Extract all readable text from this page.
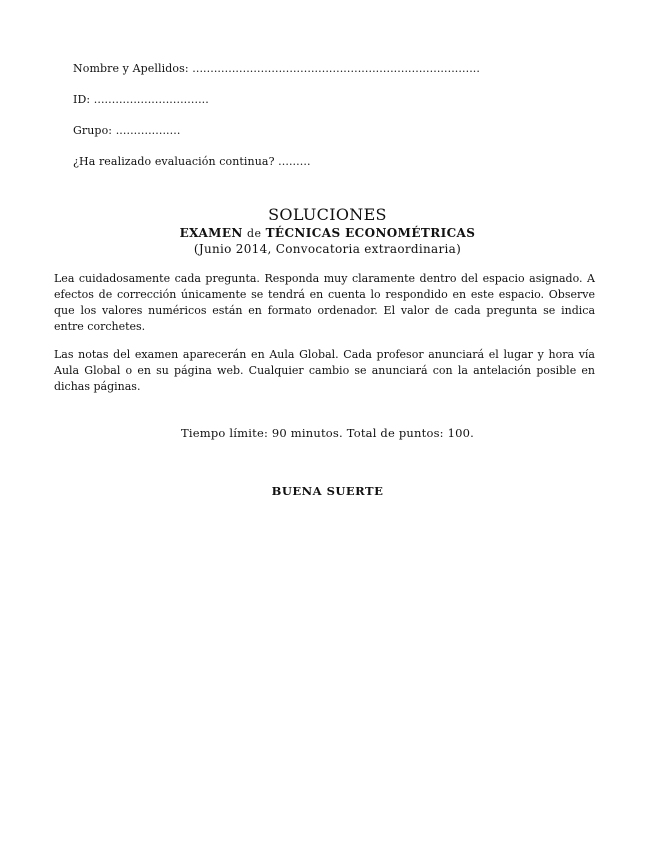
Nombre y Apellidos: ................................................................................
ID: ................................
Grupo: ..................
¿Ha realizado evaluación continua? .........
SOLUCIONES
EXAMEN de TÉCNICAS ECONOMÉTRICAS
(Junio 2014, Convocatoria extraordinaria)
Lea cuidadosamente cada pregunta. Responda muy claramente dentro del espacio asignado. A efectos de corrección únicamente se tendrá en cuenta lo respondido en este espacio. Observe que los valores numéricos están en formato ordenador. El valor de cada pregunta se indica entre corchetes.
Las notas del examen aparecerán en Aula Global. Cada profesor anunciará el lugar y hora vía Aula Global o en su página web. Cualquier cambio se anunciará con la antelación posible en dichas páginas.
Tiempo límite: 90 minutos. Total de puntos: 100.
BUENA SUERTE
